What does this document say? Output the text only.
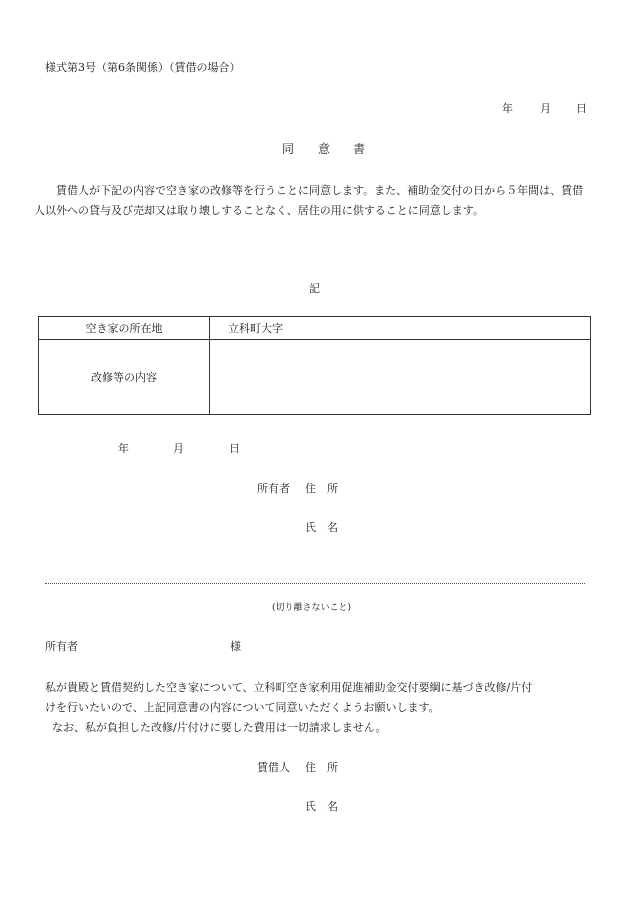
様式第3号（第6条関係）（賃借の場合）
年 月 日
同 意 書
賃借人が下記の内容で空き家の改修等を行うことに同意します。また、補助金交付の日から５年間は、賃借人以外への貸与及び売却又は取り壊しすることなく、居住の用に供することに同意します。
記
空き家の所在地	立科町大字
改修等の内容	
年	月	日
所有者 住　所
氏　名
(切り離さないこと)
所有者	様
私が貴殿と賃借契約した空き家について、立科町空き家利用促進補助金交付要綱に基づき改修/片付
けを行いたいので、上記同意書の内容について同意いただくようお願いします。
なお、私が負担した改修/片付けに要した費用は一切請求しません。
賃借人 住　所
氏　名
